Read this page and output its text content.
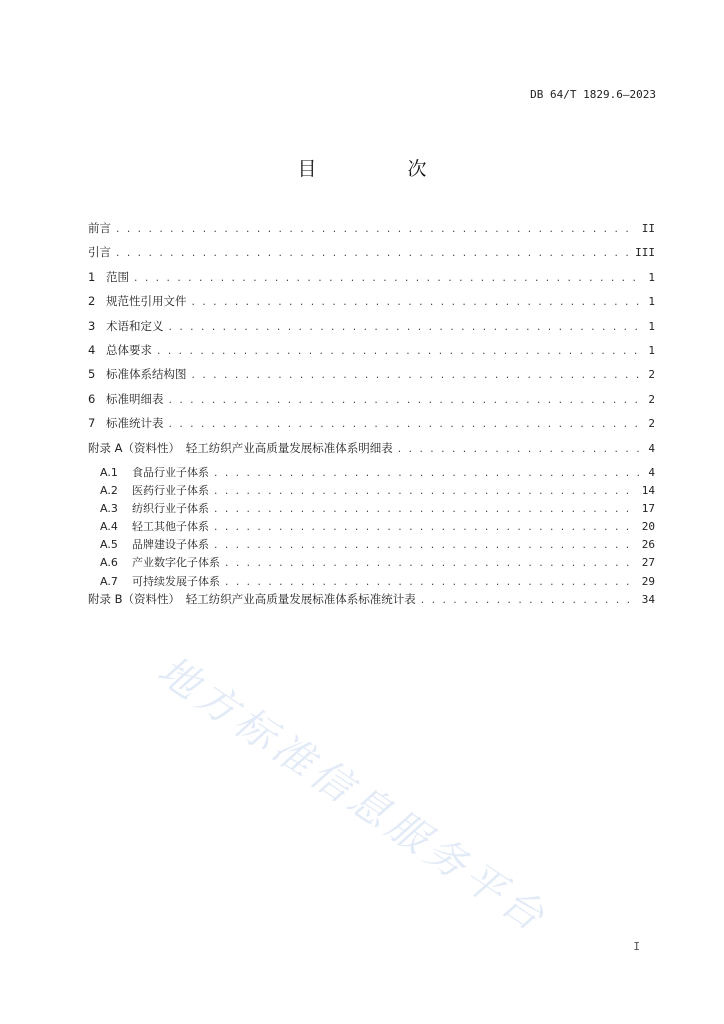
DB 64/T 1829.6—2023
目　次
前言 . . .	II
引言 . . .	III
1 范围 . . .	1
2 规范性引用文件 . . .	1
3 术语和定义 . . .	1
4 总体要求 . . .	1
5 标准体系结构图 . . .	2
6 标准明细表 . . .	2
7 标准统计表 . . .	2
附录 A（资料性）　轻工纺织产业高质量发展标准体系明细表 . . .	4
A.1 食品行业子体系 . . .	4
A.2 医药行业子体系 . . .	14
A.3 纺织行业子体系 . . .	17
A.4 轻工其他子体系 . . .	20
A.5 品牌建设子体系 . . .	26
A.6 产业数字化子体系 . . .	27
A.7 可持续发展子体系 . . .	29
附录 B（资料性）　轻工纺织产业高质量发展标准体系标准统计表 . . .	34
地方标准信息服务平台
I
